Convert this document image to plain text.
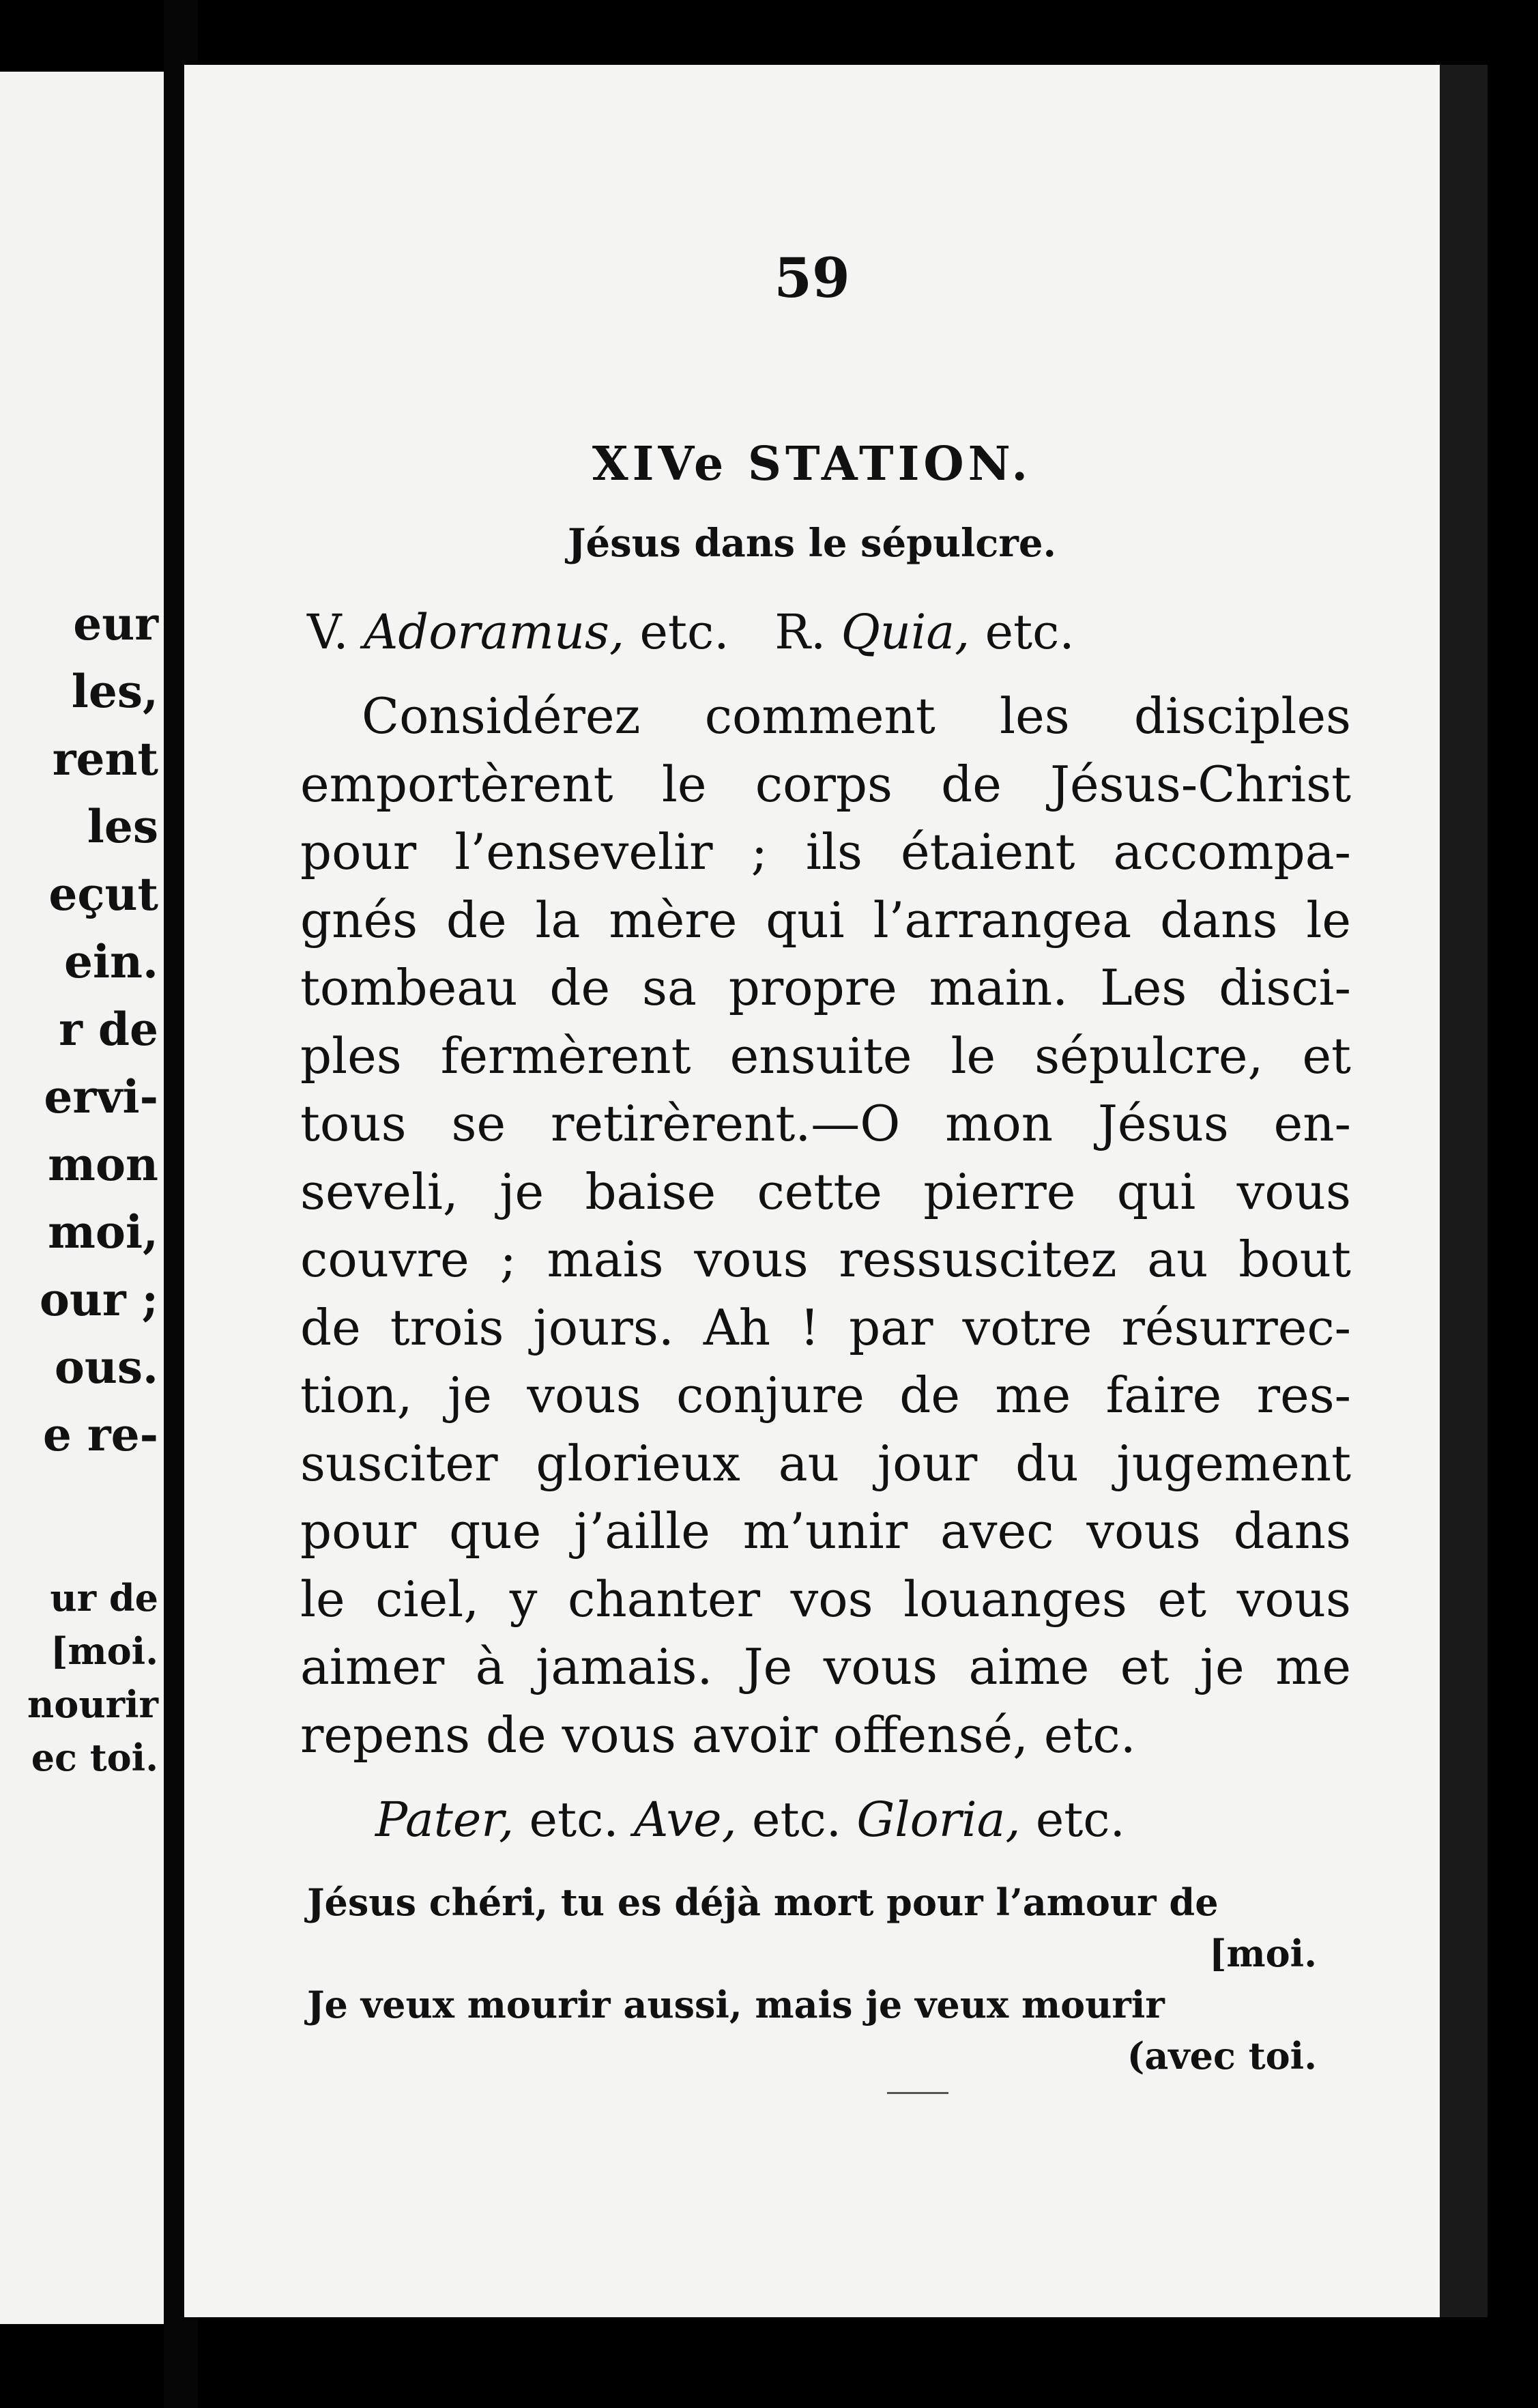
eur
les,
rent
les
eçut
ein.
r de
ervi-
mon
moi,
our ;
ous.
e re-
ur de
[moi.
nourir
ec toi.
59
XIVe STATION.
Jésus dans le sépulcre.
V. Adoramus, etc. R. Quia, etc.
Considérez comment les disciples
emportèrent le corps de Jésus-Christ
pour l’ensevelir ; ils étaient accompa-
gnés de la mère qui l’arrangea dans le
tombeau de sa propre main. Les disci-
ples fermèrent ensuite le sépulcre, et
tous se retirèrent.—O mon Jésus en-
seveli, je baise cette pierre qui vous
couvre ; mais vous ressuscitez au bout
de trois jours. Ah ! par votre résurrec-
tion, je vous conjure de me faire res-
susciter glorieux au jour du jugement
pour que j’aille m’unir avec vous dans
le ciel, y chanter vos louanges et vous
aimer à jamais. Je vous aime et je me
repens de vous avoir offensé, etc.
Pater, etc. Ave, etc. Gloria, etc.
Jésus chéri, tu es déjà mort pour l’amour de
[moi.
Je veux mourir aussi, mais je veux mourir
(avec toi.
